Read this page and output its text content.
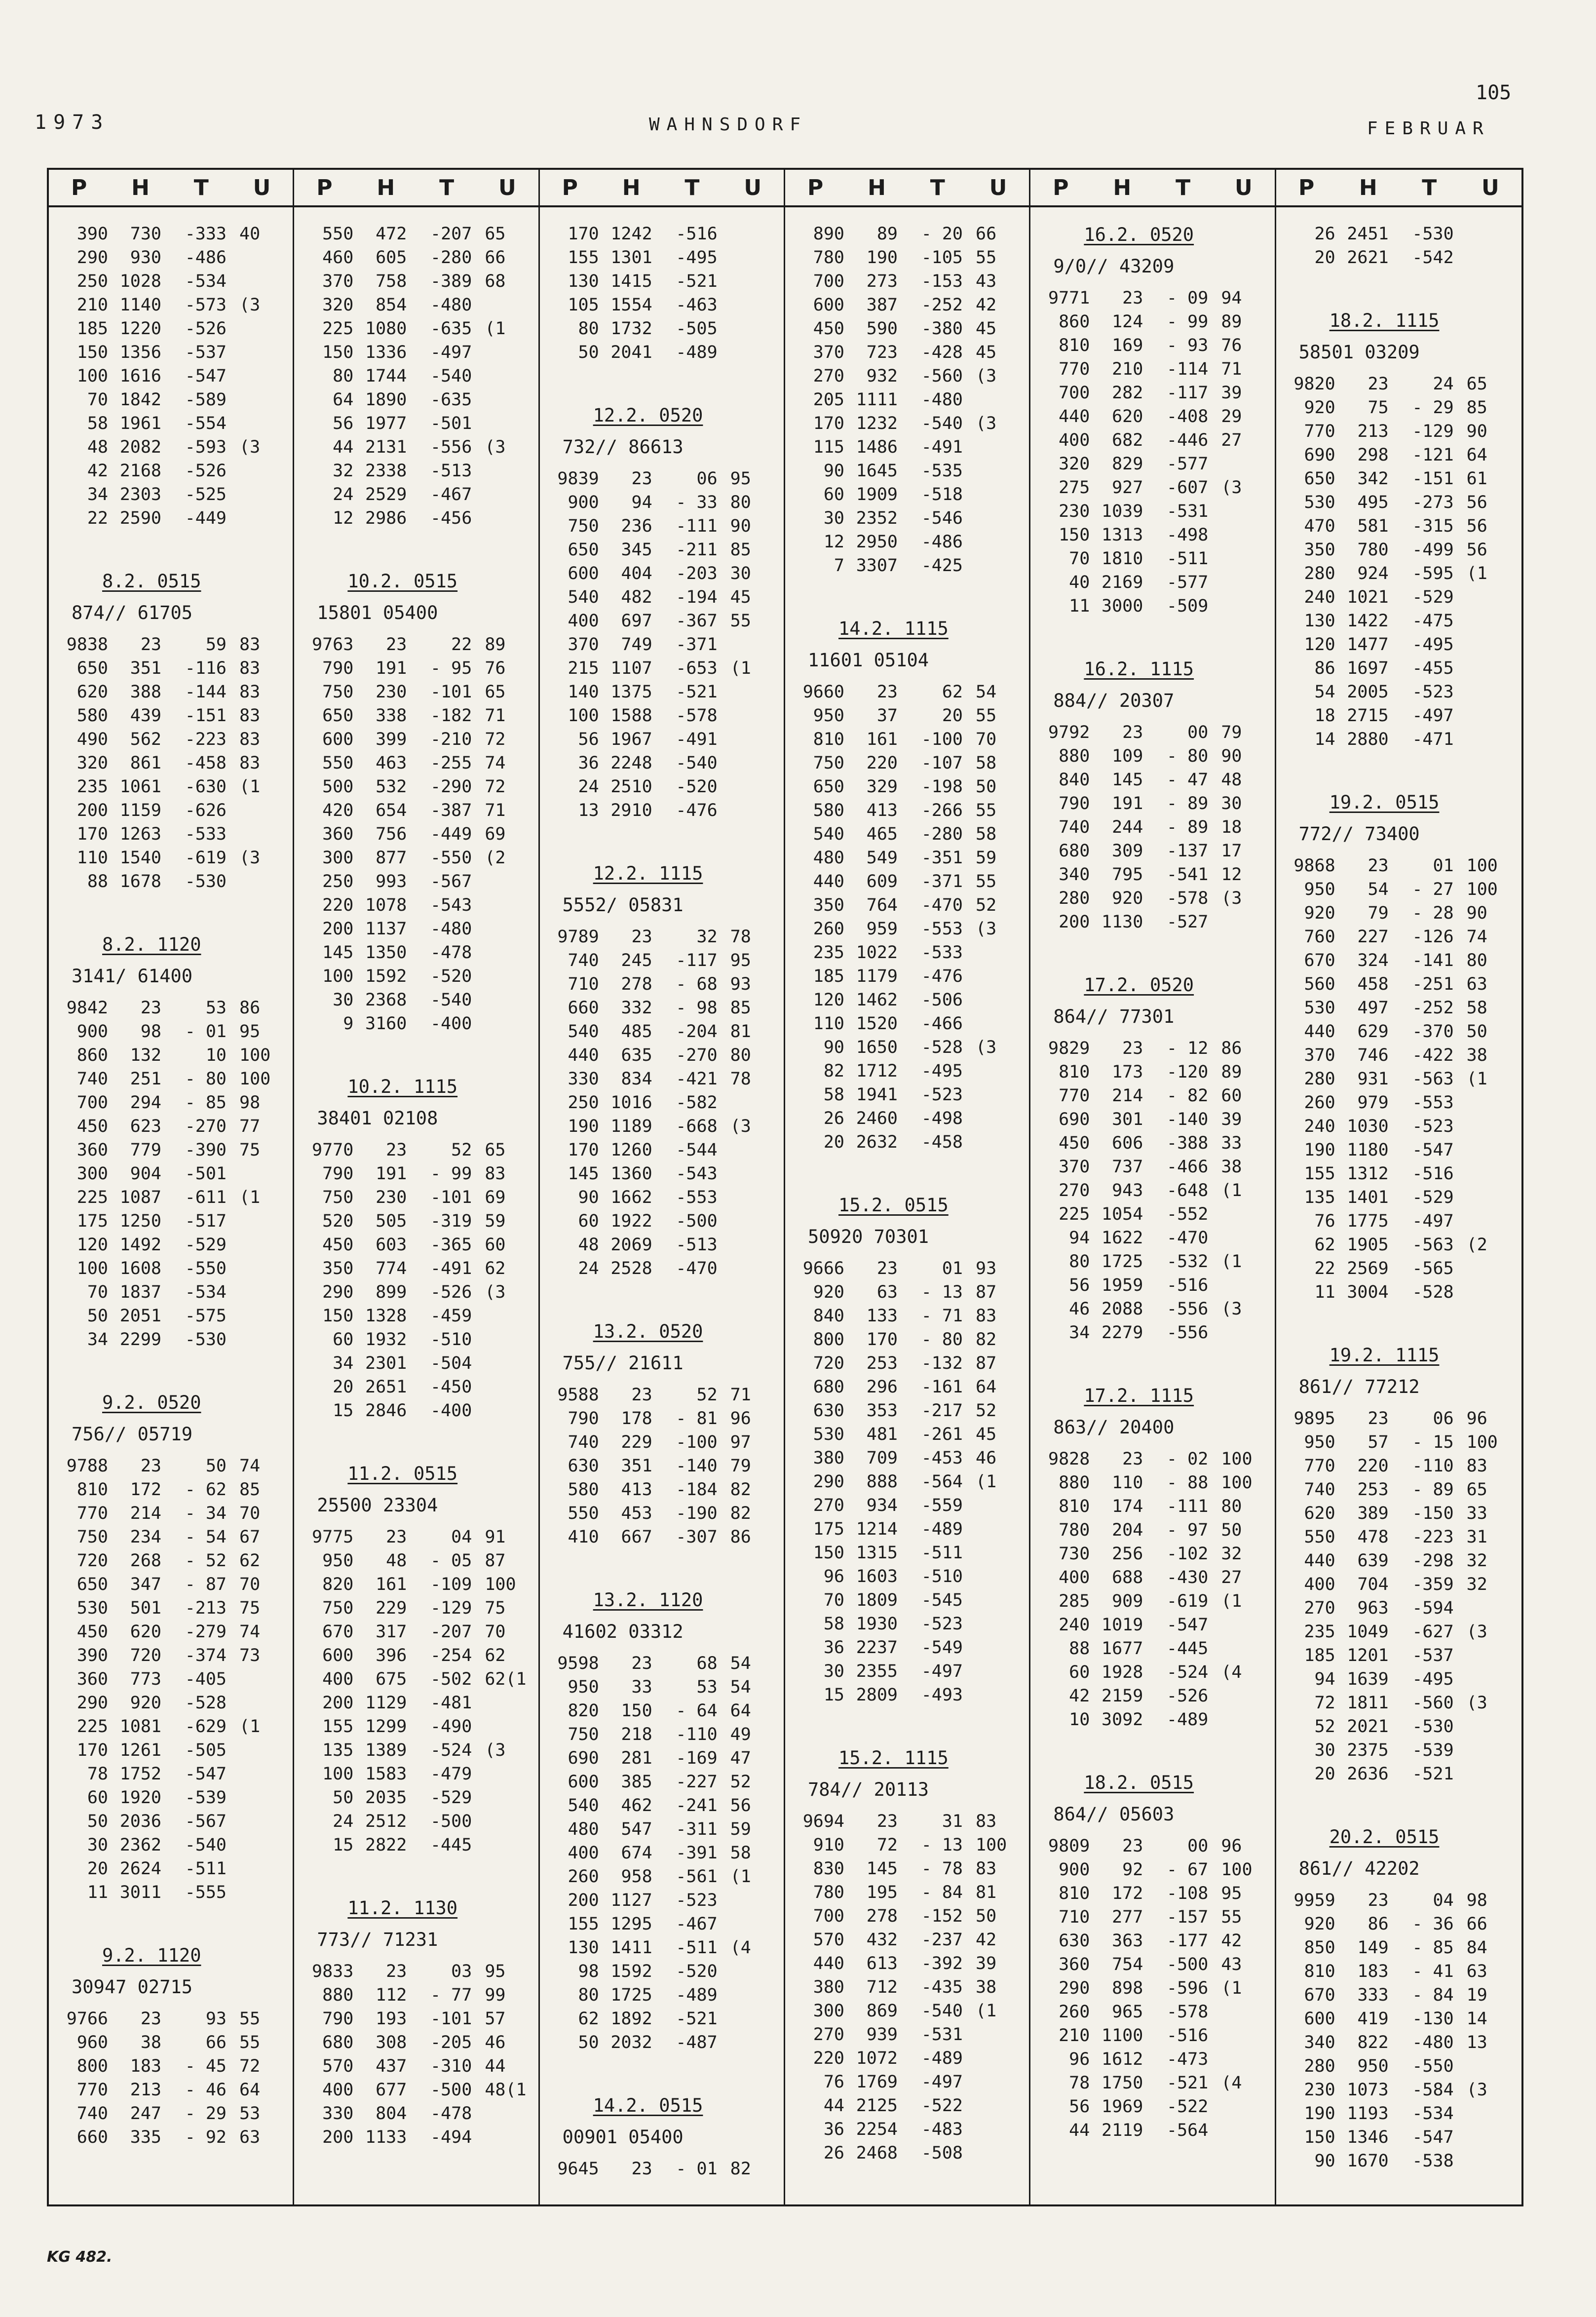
105
1973	WAHNSDORF	FEBRUAR
P H T U
390	730	-333 40
290	930	-486
250 1028	-534
210 1140	-573 (3
185 1220	-526
150 1356	-537
100 1616	-547
70 1842	-589
58 1961	-554
48 2082	-593 (3
42 2168	-526
34 2303	-525
22 2590	-449
8.2. 0515
874// 61705
9838	23	59 83
650	351	-116 83
620	388	-144 83
580	439	-151 83
490	562	-223 83
320	861	-458 83
235 1061	-630 (1
200 1159	-626
170 1263	-533
110 1540	-619 (3
88 1678	-530
8.2. 1120
3141/ 61400
9842	23	53 86
900	98	- 01 95
860	132	10 100
740	251	- 80 100
700	294	- 85 98
450	623	-270 77
360	779	-390 75
300	904	-501
225 1087	-611 (1
175 1250	-517
120 1492	-529
100 1608	-550
70 1837	-534
50 2051	-575
34 2299	-530
9.2. 0520
756// 05719
9788	23	50 74
810	172	- 62 85
770	214	- 34 70
750	234	- 54 67
720	268	- 52 62
650	347	- 87 70
530	501	-213 75
450	620	-279 74
390	720	-374 73
360	773	-405
290	920	-528
225 1081	-629 (1
170 1261	-505
78 1752	-547
60 1920	-539
50 2036	-567
30 2362	-540
20 2624	-511
11 3011	-555
9.2. 1120
30947 02715
9766	23	93 55
960	38	66 55
800	183	- 45 72
770	213	- 46 64
740	247	- 29 53
660	335	- 92 63
P H T U
550	472	-207 65
460	605	-280 66
370	758	-389 68
320	854	-480
225 1080	-635 (1
150 1336	-497
80 1744	-540
64 1890	-635
56 1977	-501
44 2131	-556 (3
32 2338	-513
24 2529	-467
12 2986	-456
10.2. 0515
15801 05400
9763	23	22 89
790	191	- 95 76
750	230	-101 65
650	338	-182 71
600	399	-210 72
550	463	-255 74
500	532	-290 72
420	654	-387 71
360	756	-449 69
300	877	-550 (2
250	993	-567
220 1078	-543
200 1137	-480
145 1350	-478
100 1592	-520
30 2368	-540
9 3160	-400
10.2. 1115
38401 02108
9770	23	52 65
790	191	- 99 83
750	230	-101 69
520	505	-319 59
450	603	-365 60
350	774	-491 62
290	899	-526 (3
150 1328	-459
60 1932	-510
34 2301	-504
20 2651	-450
15 2846	-400
11.2. 0515
25500 23304
9775	23	04 91
950	48	- 05 87
820	161	-109 100
750	229	-129 75
670	317	-207 70
600	396	-254 62
400	675	-502 62(1
200 1129	-481
155 1299	-490
135 1389	-524 (3
100 1583	-479
50 2035	-529
24 2512	-500
15 2822	-445
11.2. 1130
773// 71231
9833	23	03 95
880	112	- 77 99
790	193	-101 57
680	308	-205 46
570	437	-310 44
400	677	-500 48(1
330	804	-478
200 1133	-494
P H T U
170 1242	-516
155 1301	-495
130 1415	-521
105 1554	-463
80 1732	-505
50 2041	-489
12.2. 0520
732// 86613
9839	23	06 95
900	94	- 33 80
750	236	-111 90
650	345	-211 85
600	404	-203 30
540	482	-194 45
400	697	-367 55
370	749	-371
215 1107	-653 (1
140 1375	-521
100 1588	-578
56 1967	-491
36 2248	-540
24 2510	-520
13 2910	-476
12.2. 1115
5552/ 05831
9789	23	32 78
740	245	-117 95
710	278	- 68 93
660	332	- 98 85
540	485	-204 81
440	635	-270 80
330	834	-421 78
250 1016	-582
190 1189	-668 (3
170 1260	-544
145 1360	-543
90 1662	-553
60 1922	-500
48 2069	-513
24 2528	-470
13.2. 0520
755// 21611
9588	23	52 71
790	178	- 81 96
740	229	-100 97
630	351	-140 79
580	413	-184 82
550	453	-190 82
410	667	-307 86
13.2. 1120
41602 03312
9598	23	68 54
950	33	53 54
820	150	- 64 64
750	218	-110 49
690	281	-169 47
600	385	-227 52
540	462	-241 56
480	547	-311 59
400	674	-391 58
260	958	-561 (1
200 1127	-523
155 1295	-467
130 1411	-511 (4
98 1592	-520
80 1725	-489
62 1892	-521
50 2032	-487
14.2. 0515
00901 05400
9645	23	- 01 82
P H T U
890	89	- 20 66
780	190	-105 55
700	273	-153 43
600	387	-252 42
450	590	-380 45
370	723	-428 45
270	932	-560 (3
205 1111	-480
170 1232	-540 (3
115 1486	-491
90 1645	-535
60 1909	-518
30 2352	-546
12 2950	-486
7 3307	-425
14.2. 1115
11601 05104
9660	23	62 54
950	37	20 55
810	161	-100 70
750	220	-107 58
650	329	-198 50
580	413	-266 55
540	465	-280 58
480	549	-351 59
440	609	-371 55
350	764	-470 52
260	959	-553 (3
235 1022	-533
185 1179	-476
120 1462	-506
110 1520	-466
90 1650	-528 (3
82 1712	-495
58 1941	-523
26 2460	-498
20 2632	-458
15.2. 0515
50920 70301
9666	23	01 93
920	63	- 13 87
840	133	- 71 83
800	170	- 80 82
720	253	-132 87
680	296	-161 64
630	353	-217 52
530	481	-261 45
380	709	-453 46
290	888	-564 (1
270	934	-559
175 1214	-489
150 1315	-511
96 1603	-510
70 1809	-545
58 1930	-523
36 2237	-549
30 2355	-497
15 2809	-493
15.2. 1115
784// 20113
9694	23	31 83
910	72	- 13 100
830	145	- 78 83
780	195	- 84 81
700	278	-152 50
570	432	-237 42
440	613	-392 39
380	712	-435 38
300	869	-540 (1
270	939	-531
220 1072	-489
76 1769	-497
44 2125	-522
36 2254	-483
26 2468	-508
P H T U
16.2. 0520
9/0// 43209
9771	23	- 09 94
860	124	- 99 89
810	169	- 93 76
770	210	-114 71
700	282	-117 39
440	620	-408 29
400	682	-446 27
320	829	-577
275	927	-607 (3
230 1039	-531
150 1313	-498
70 1810	-511
40 2169	-577
11 3000	-509
16.2. 1115
884// 20307
9792	23	00 79
880	109	- 80 90
840	145	- 47 48
790	191	- 89 30
740	244	- 89 18
680	309	-137 17
340	795	-541 12
280	920	-578 (3
200 1130	-527
17.2. 0520
864// 77301
9829	23	- 12 86
810	173	-120 89
770	214	- 82 60
690	301	-140 39
450	606	-388 33
370	737	-466 38
270	943	-648 (1
225 1054	-552
94 1622	-470
80 1725	-532 (1
56 1959	-516
46 2088	-556 (3
34 2279	-556
17.2. 1115
863// 20400
9828	23	- 02 100
880	110	- 88 100
810	174	-111 80
780	204	- 97 50
730	256	-102 32
400	688	-430 27
285	909	-619 (1
240 1019	-547
88 1677	-445
60 1928	-524 (4
42 2159	-526
10 3092	-489
18.2. 0515
864// 05603
9809	23	00 96
900	92	- 67 100
810	172	-108 95
710	277	-157 55
630	363	-177 42
360	754	-500 43
290	898	-596 (1
260	965	-578
210 1100	-516
96 1612	-473
78 1750	-521 (4
56 1969	-522
44 2119	-564
P H T U
26 2451	-530
20 2621	-542
18.2. 1115
58501 03209
9820	23	24 65
920	75	- 29 85
770	213	-129 90
690	298	-121 64
650	342	-151 61
530	495	-273 56
470	581	-315 56
350	780	-499 56
280	924	-595 (1
240 1021	-529
130 1422	-475
120 1477	-495
86 1697	-455
54 2005	-523
18 2715	-497
14 2880	-471
19.2. 0515
772// 73400
9868	23	01 100
950	54	- 27 100
920	79	- 28 90
760	227	-126 74
670	324	-141 80
560	458	-251 63
530	497	-252 58
440	629	-370 50
370	746	-422 38
280	931	-563 (1
260	979	-553
240 1030	-523
190 1180	-547
155 1312	-516
135 1401	-529
76 1775	-497
62 1905	-563 (2
22 2569	-565
11 3004	-528
19.2. 1115
861// 77212
9895	23	06 96
950	57	- 15 100
770	220	-110 83
740	253	- 89 65
620	389	-150 33
550	478	-223 31
440	639	-298 32
400	704	-359 32
270	963	-594
235 1049	-627 (3
185 1201	-537
94 1639	-495
72 1811	-560 (3
52 2021	-530
30 2375	-539
20 2636	-521
20.2. 0515
861// 42202
9959	23	04 98
920	86	- 36 66
850	149	- 85 84
810	183	- 41 63
670	333	- 84 19
600	419	-130 14
340	822	-480 13
280	950	-550
230 1073	-584 (3
190 1193	-534
150 1346	-547
90 1670	-538
KG 482.
